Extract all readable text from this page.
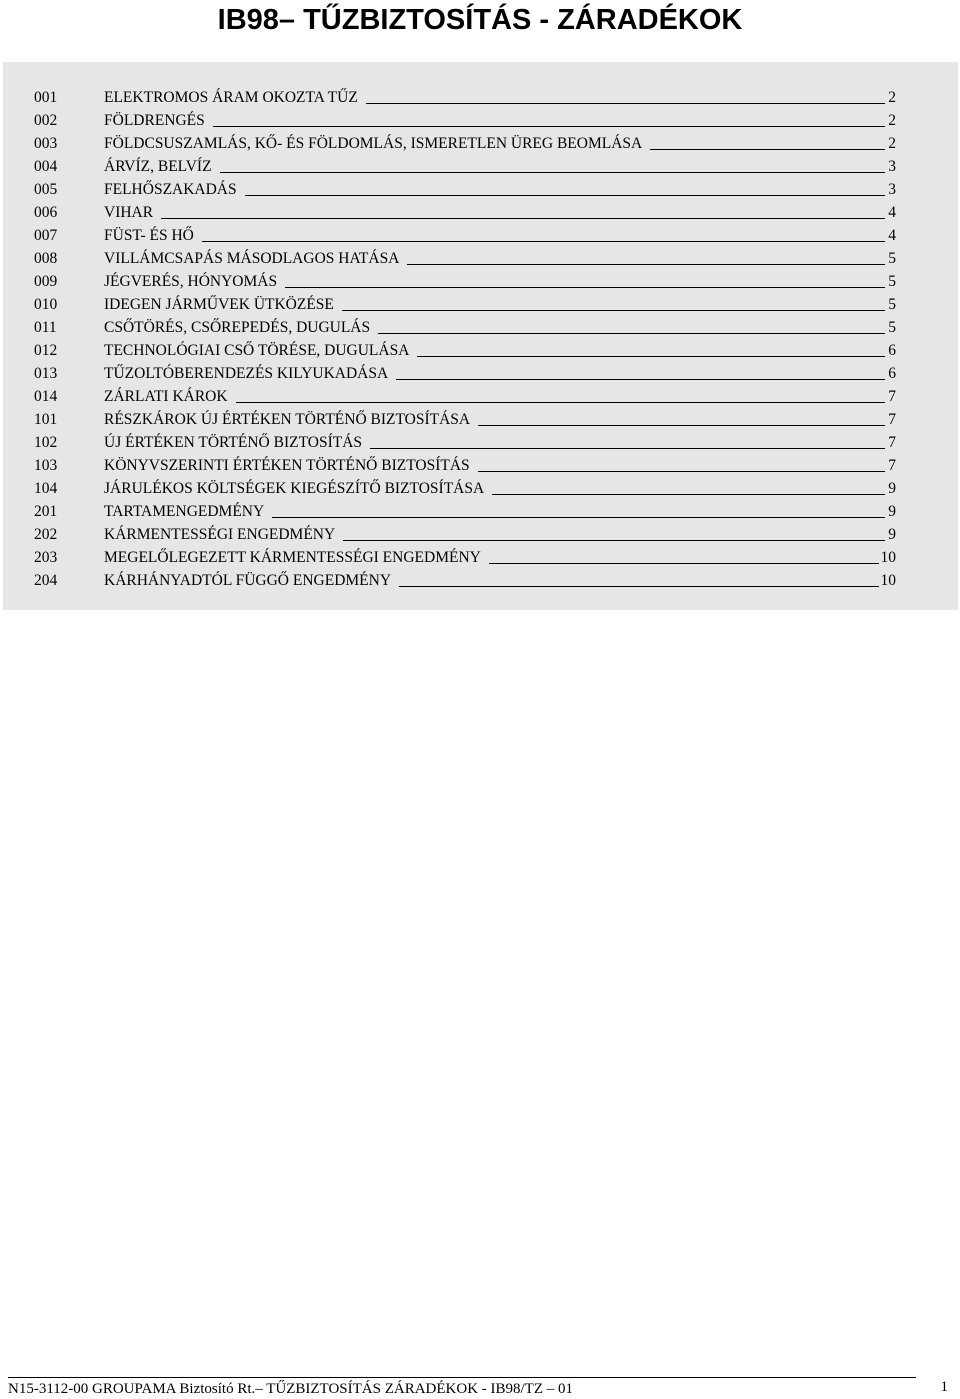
IB98– TŰZBIZTOSÍTÁS - ZÁRADÉKOK
001	ELEKTROMOS ÁRAM OKOZTA TŰZ	2
002	FÖLDRENGÉS	2
003	FÖLDCSUSZAMLÁS, KŐ- ÉS FÖLDOMLÁS, ISMERETLEN ÜREG BEOMLÁSA	2
004	ÁRVÍZ, BELVÍZ	3
005	FELHŐSZAKADÁS	3
006	VIHAR	4
007	FÜST- ÉS HŐ	4
008	VILLÁMCSAPÁS MÁSODLAGOS HATÁSA	5
009	JÉGVERÉS, HÓNYOMÁS	5
010	IDEGEN JÁRMŰVEK ÜTKÖZÉSE	5
011	CSŐTÖRÉS, CSŐREPEDÉS, DUGULÁS	5
012	TECHNOLÓGIAI CSŐ TÖRÉSE, DUGULÁSA	6
013	TŰZOLTÓBERENDEZÉS KILYUKADÁSA	6
014	ZÁRLATI KÁROK	7
101	RÉSZKÁROK ÚJ ÉRTÉKEN TÖRTÉNŐ BIZTOSÍTÁSA	7
102	ÚJ ÉRTÉKEN TÖRTÉNŐ BIZTOSÍTÁS	7
103	KÖNYVSZERINTI ÉRTÉKEN TÖRTÉNŐ BIZTOSÍTÁS	7
104	JÁRULÉKOS KÖLTSÉGEK KIEGÉSZÍTŐ BIZTOSÍTÁSA	9
201	TARTAMENGEDMÉNY	9
202	KÁRMENTESSÉGI ENGEDMÉNY	9
203	MEGELŐLEGEZETT KÁRMENTESSÉGI ENGEDMÉNY	10
204	KÁRHÁNYADTÓL FÜGGŐ ENGEDMÉNY	10
N15-3112-00 GROUPAMA Biztosító Rt.– TŰZBIZTOSÍTÁS ZÁRADÉKOK - IB98/TZ – 01	1
